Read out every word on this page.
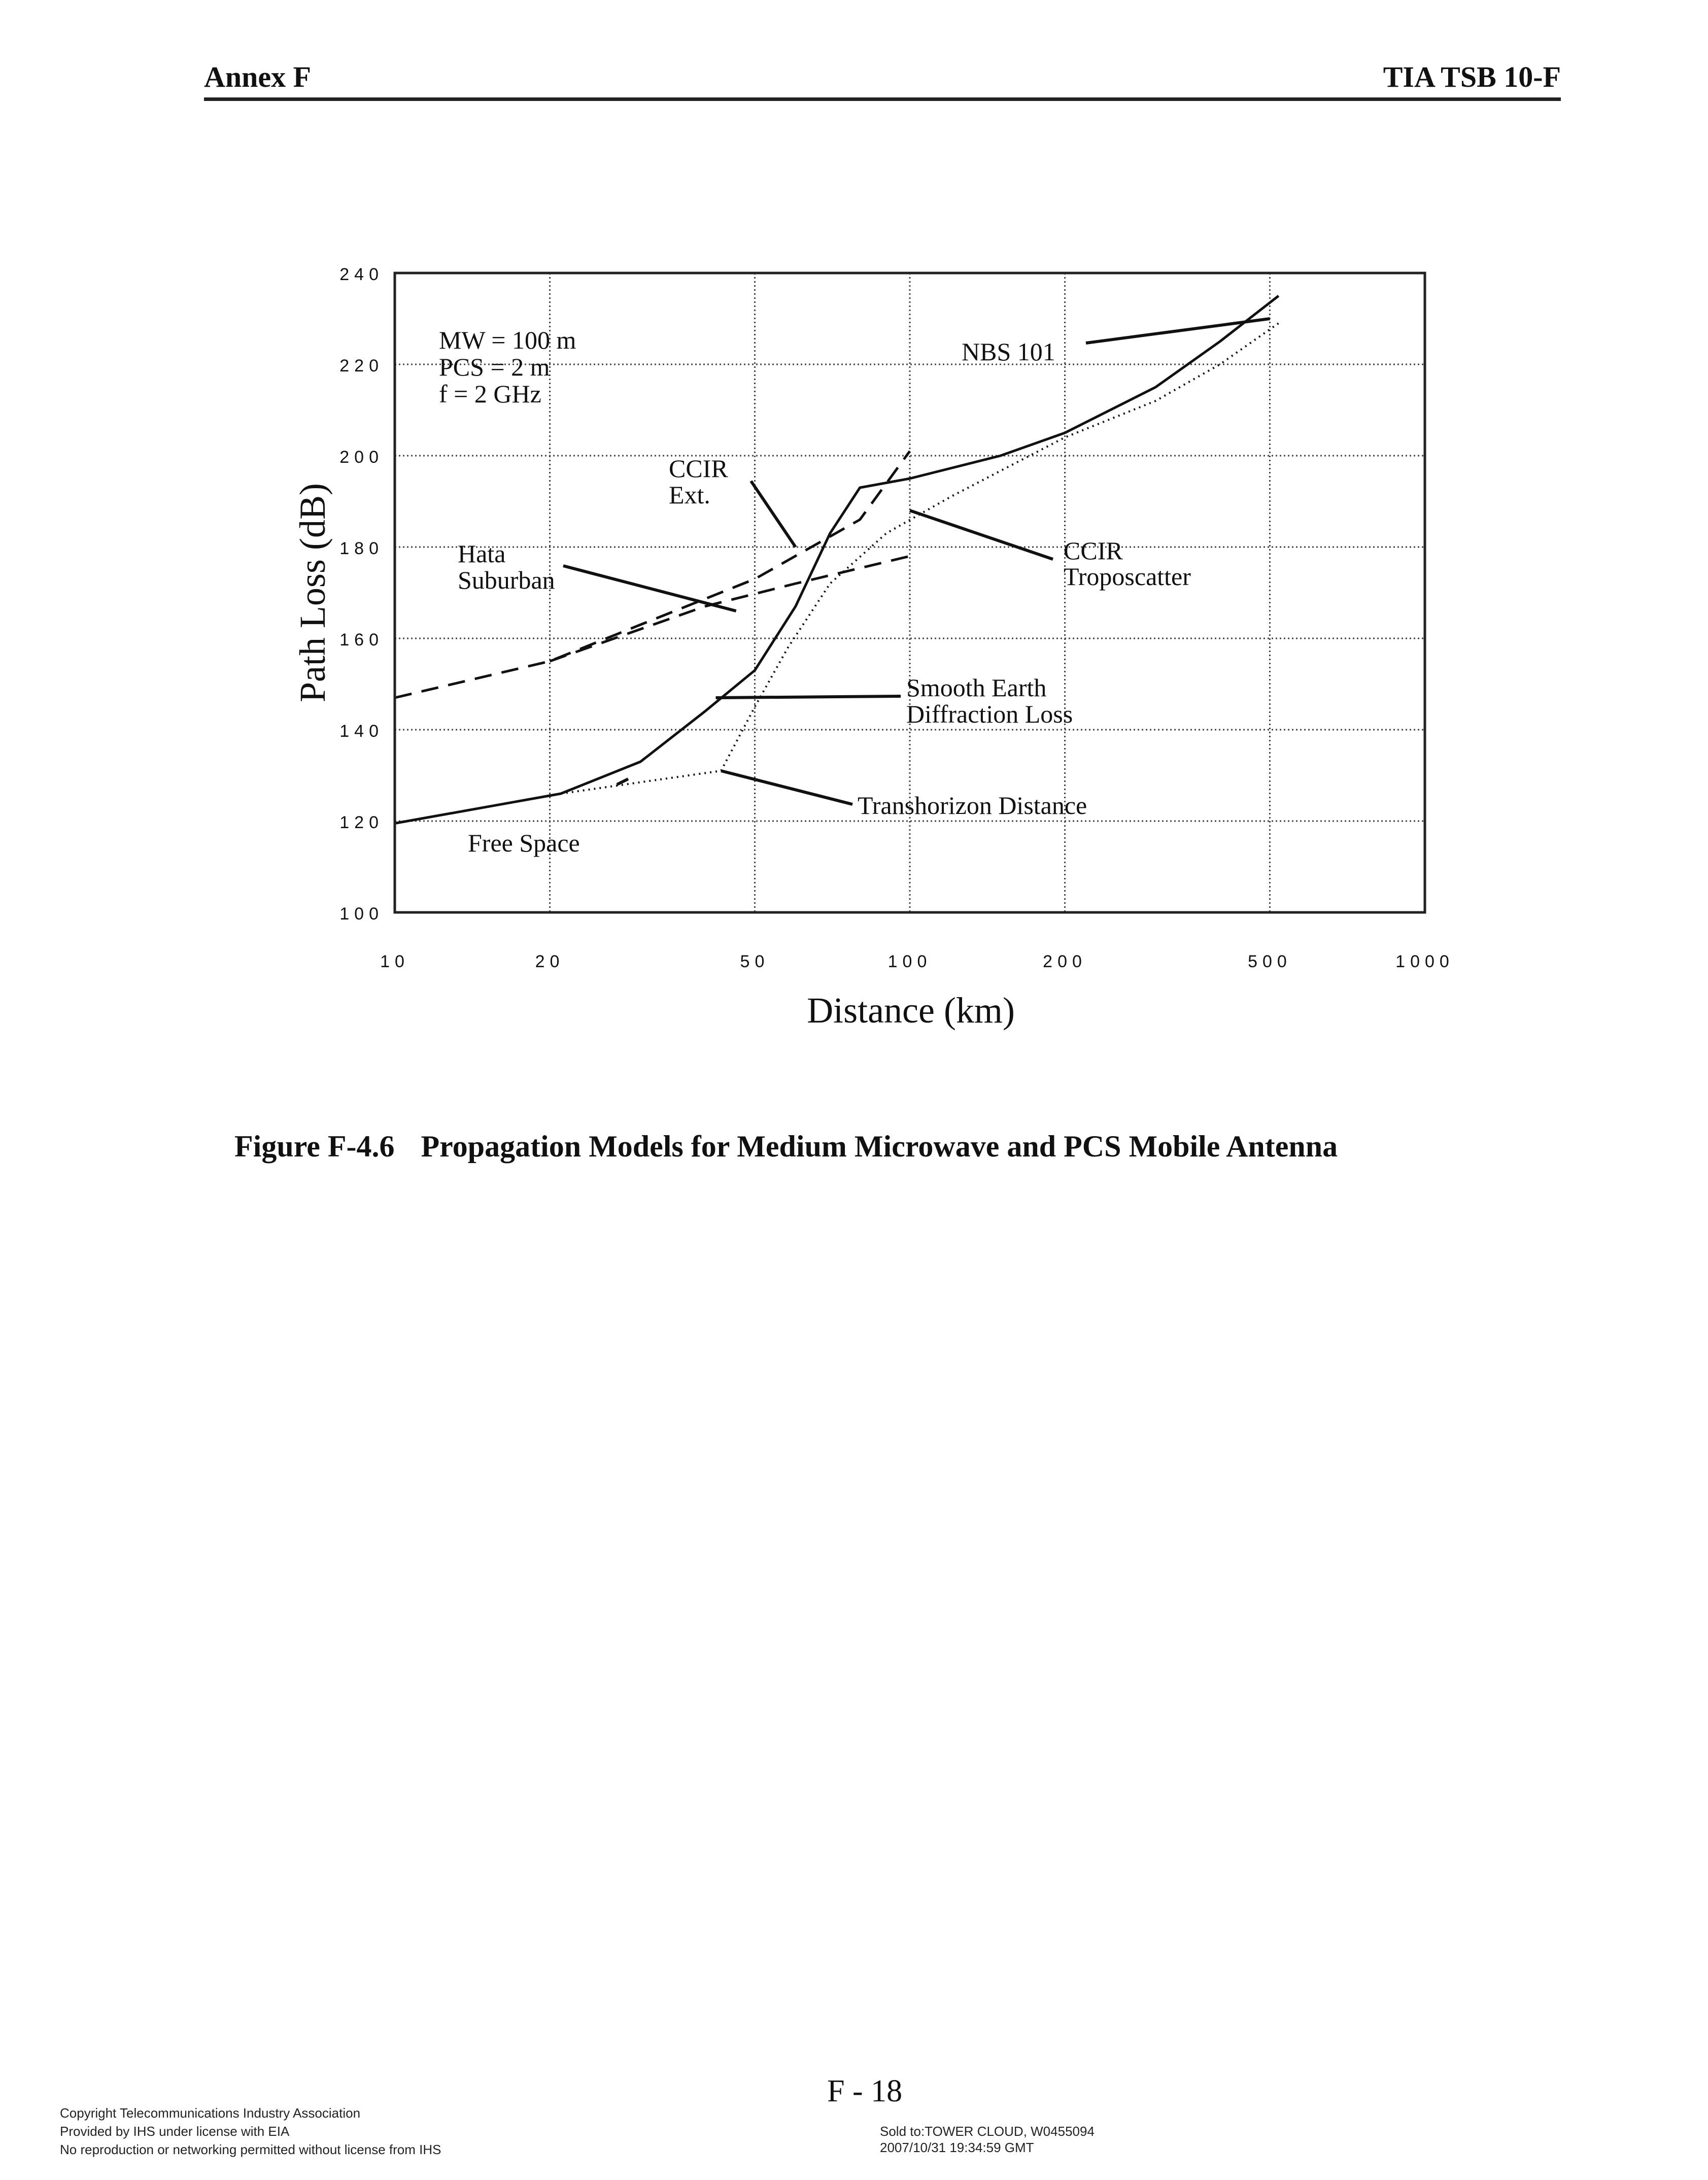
Annex F	TIA TSB 10-F
100
120
140
160
180
200
220
240
10	20	50	100	200	500	1000
MW = 100 m
PCS = 2 m
f = 2 GHz
CCIR
Ext.
Hata
Suburban
NBS 101
CCIR
Troposcatter
Smooth Earth
Diffraction Loss
Transhorizon Distance
Free Space
Distance (km)
Path Loss (dB)
Figure F-4.6 Propagation Models for Medium Microwave and PCS Mobile Antenna
F - 18
Copyright Telecommunications Industry Association
Provided by IHS under license with EIA
No reproduction or networking permitted without license from IHS
Sold to:TOWER CLOUD, W0455094
2007/10/31 19:34:59 GMT
